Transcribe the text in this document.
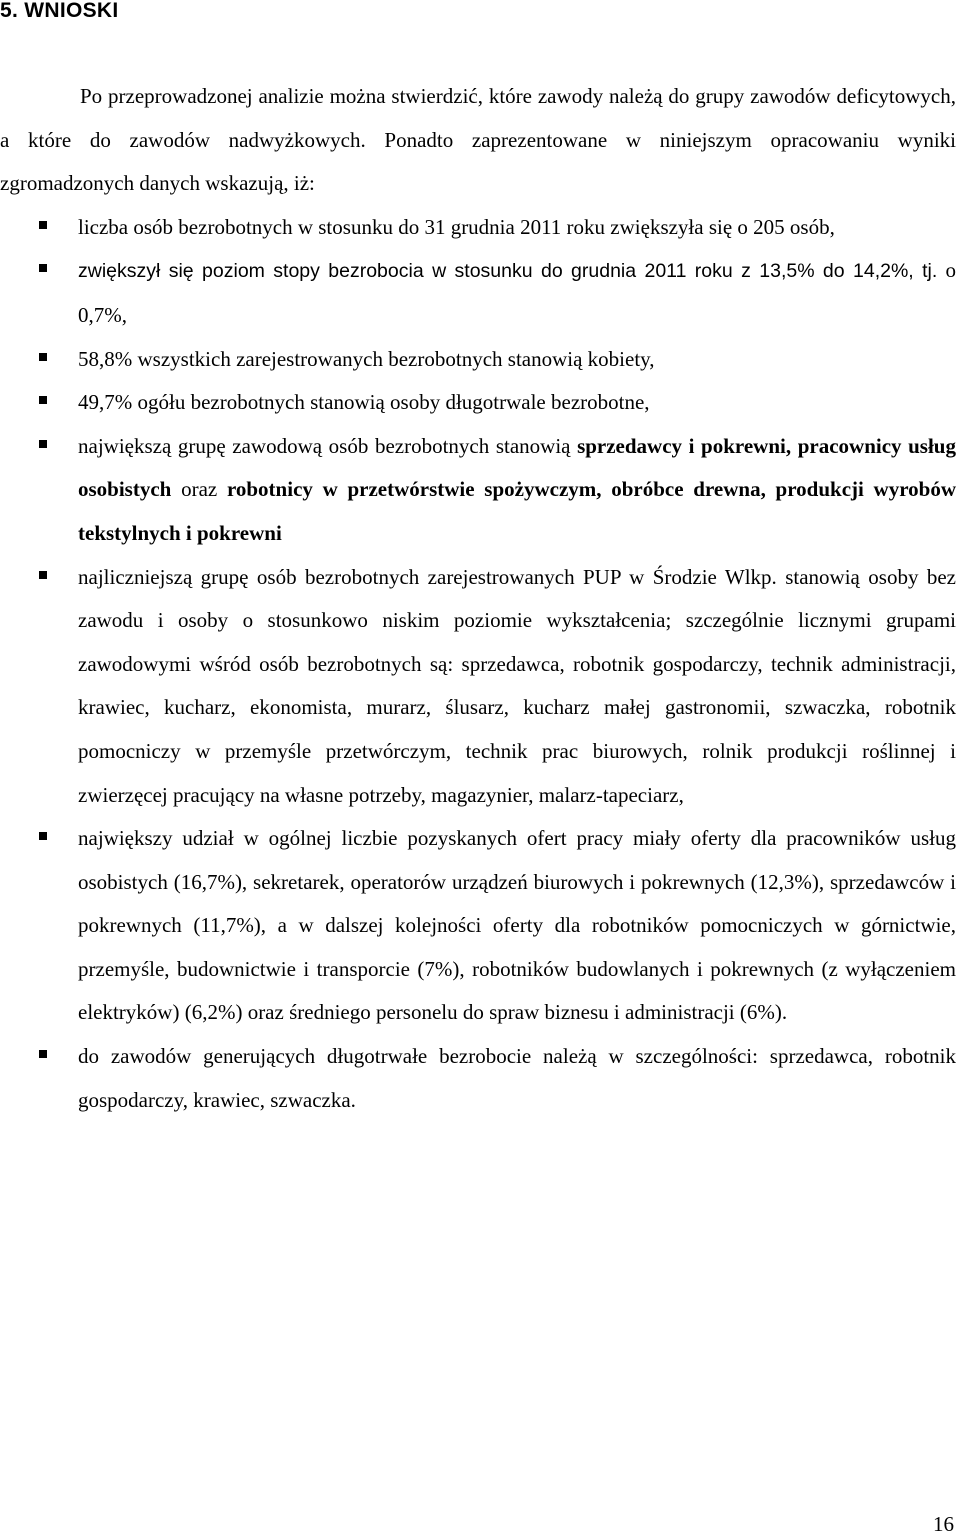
5. WNIOSKI

Po przeprowadzonej analizie można stwierdzić, które zawody należą do grupy zawodów deficytowych, a które do zawodów nadwyżkowych. Ponadto zaprezentowane w niniejszym opracowaniu wyniki zgromadzonych danych wskazują, iż:

liczba osób bezrobotnych w stosunku do 31 grudnia 2011 roku zwiększyła się o 205 osób,
zwiększył się poziom stopy bezrobocia w stosunku do grudnia 2011 roku z 13,5% do 14,2%, tj. o 0,7%,
58,8% wszystkich zarejestrowanych bezrobotnych stanowią kobiety,
49,7% ogółu bezrobotnych stanowią osoby długotrwale bezrobotne,
największą grupę zawodową osób bezrobotnych stanowią sprzedawcy i pokrewni, pracownicy usług osobistych oraz robotnicy w przetwórstwie spożywczym, obróbce drewna, produkcji wyrobów tekstylnych i pokrewni
najliczniejszą grupę osób bezrobotnych zarejestrowanych PUP w Środzie Wlkp. stanowią osoby bez zawodu i osoby o stosunkowo niskim poziomie wykształcenia; szczególnie licznymi grupami zawodowymi wśród osób bezrobotnych są: sprzedawca, robotnik gospodarczy, technik administracji, krawiec, kucharz, ekonomista, murarz, ślusarz, kucharz małej gastronomii, szwaczka, robotnik pomocniczy w przemyśle przetwórczym, technik prac biurowych, rolnik produkcji roślinnej i zwierzęcej pracujący na własne potrzeby, magazynier, malarz-tapeciarz,
największy udział w ogólnej liczbie pozyskanych ofert pracy miały oferty dla pracowników usług osobistych (16,7%), sekretarek, operatorów urządzeń biurowych i pokrewnych (12,3%), sprzedawców i pokrewnych (11,7%), a w dalszej kolejności oferty dla robotników pomocniczych w górnictwie, przemyśle, budownictwie i transporcie (7%), robotników budowlanych i pokrewnych (z wyłączeniem elektryków) (6,2%) oraz średniego personelu do spraw biznesu i administracji (6%).
do zawodów generujących długotrwałe bezrobocie należą w szczególności: sprzedawca, robotnik gospodarczy, krawiec, szwaczka.
16
